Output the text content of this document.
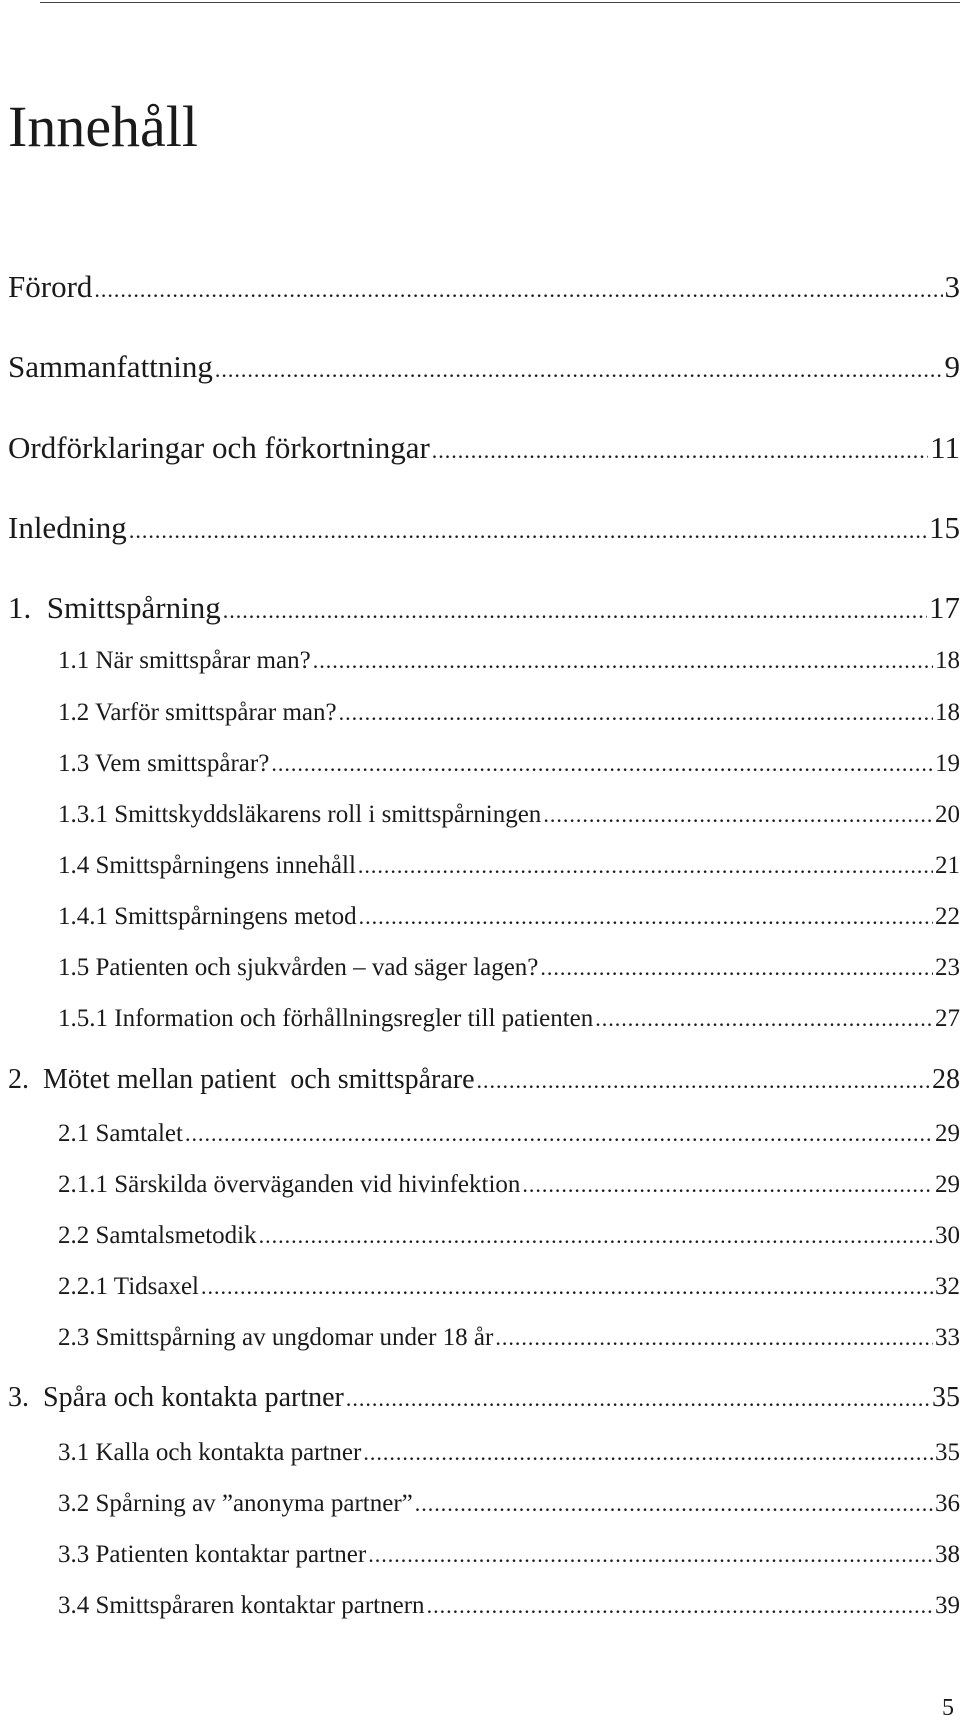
Innehåll
Förord .....	3
Sammanfattning .....	9
Ordförklaringar och förkortningar .....	11
Inledning .....	15
1.  Smittspårning .....	17
1.1 När smittspårar man? .....	18
1.2 Varför smittspårar man? .....	18
1.3 Vem smittspårar? .....	19
1.3.1 Smittskyddsläkarens roll i smittspårningen .....	20
1.4 Smittspårningens innehåll .....	21
1.4.1 Smittspårningens metod .....	22
1.5 Patienten och sjukvården – vad säger lagen? .....	23
1.5.1 Information och förhållningsregler till patienten .....	27
2.  Mötet mellan patient  och smittspårare .....	28
2.1 Samtalet .....	29
2.1.1 Särskilda överväganden vid hivinfektion .....	29
2.2 Samtalsmetodik .....	30
2.2.1 Tidsaxel .....	32
2.3 Smittspårning av ungdomar under 18 år .....	33
3.  Spåra och kontakta partner .....	35
3.1 Kalla och kontakta partner .....	35
3.2 Spårning av ”anonyma partner” .....	36
3.3 Patienten kontaktar partner .....	38
3.4 Smittspåraren kontaktar partnern .....	39
5
